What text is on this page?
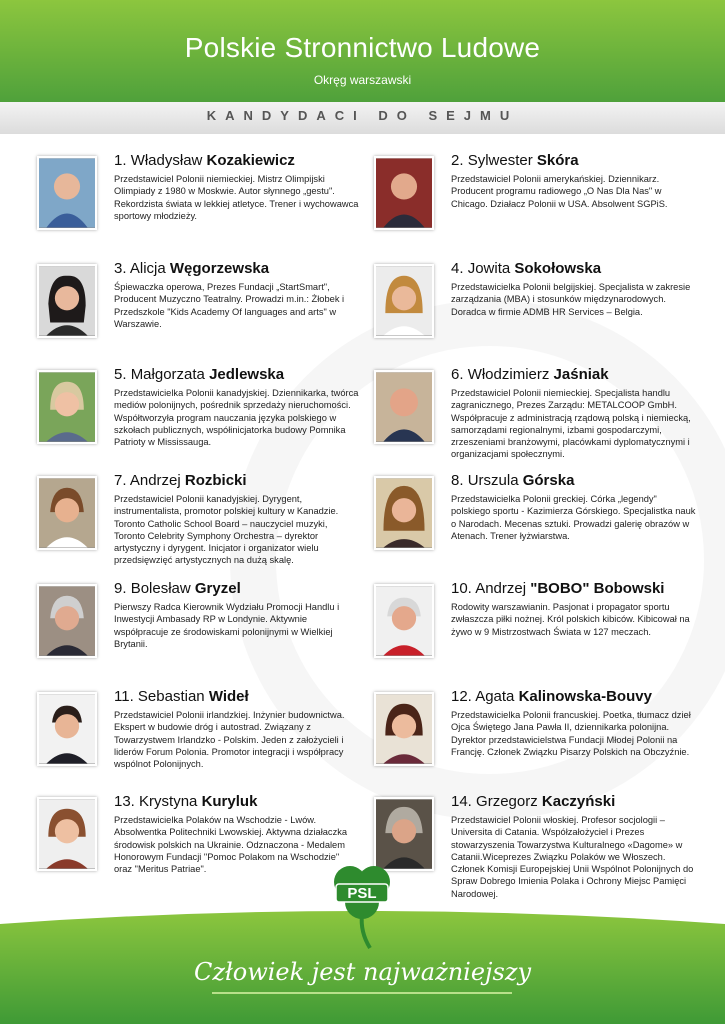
Polskie Stronnictwo Ludowe
Okręg warszawski
KANDYDACI DO SEJMU
1. Władysław Kozakiewicz
Przedstawiciel Polonii niemieckiej. Mistrz Olimpijski Olimpiady z 1980 w Moskwie. Autor słynnego „gestu". Rekordzista świata w lekkiej atletyce. Trener i wychowawca sportowy młodzieży.
2. Sylwester Skóra
Przedstawiciel Polonii amerykańskiej. Dziennikarz. Producent programu radiowego „O Nas Dla Nas" w Chicago. Działacz Polonii w USA. Absolwent SGPiS.
3. Alicja Węgorzewska
Śpiewaczka operowa, Prezes Fundacji „StartSmart", Producent Muzyczno Teatralny. Prowadzi m.in.: Żłobek i Przedszkole "Kids Academy Of languages and arts" w Warszawie.
4. Jowita Sokołowska
Przedstawicielka Polonii belgijskiej. Specjalista w zakresie zarządzania (MBA) i stosunków międzynarodowych. Doradca w firmie ADMB HR Services – Belgia.
5. Małgorzata Jedlewska
Przedstawicielka Polonii kanadyjskiej. Dziennikarka, twórca mediów polonijnych, pośrednik sprzedaży nieruchomości. Współtworzyła program nauczania języka polskiego w szkołach publicznych, współinicjatorka budowy Pomnika Patrioty w Mississauga.
6. Włodzimierz Jaśniak
Przedstawiciel Polonii niemieckiej. Specjalista handlu zagranicznego, Prezes Zarządu: METALCOOP GmbH. Współpracuje z administracją rządową polską i niemiecką, samorządami regionalnymi, izbami gospodarczymi, zrzeszeniami branżowymi, placówkami dyplomatycznymi i organizacjami społecznymi.
7. Andrzej Rozbicki
Przedstawiciel Polonii kanadyjskiej. Dyrygent, instrumentalista, promotor polskiej kultury w Kanadzie. Toronto Catholic School Board – nauczyciel muzyki, Toronto Celebrity Symphony Orchestra – dyrektor artystyczny i dyrygent. Inicjator i organizator wielu przedsięwzięć artystycznych na dużą skalę.
8. Urszula Górska
Przedstawicielka Polonii greckiej. Córka „legendy" polskiego sportu - Kazimierza Górskiego. Specjalistka nauk o Narodach. Mecenas sztuki. Prowadzi galerię obrazów w Atenach. Trener łyżwiarstwa.
9. Bolesław Gryzel
Pierwszy Radca Kierownik Wydziału Promocji Handlu i Inwestycji Ambasady RP w Londynie. Aktywnie współpracuje ze środowiskami polonijnymi w Wielkiej Brytanii.
10. Andrzej "BOBO" Bobowski
Rodowity warszawianin. Pasjonat i propagator sportu zwłaszcza piłki nożnej. Król polskich kibiców. Kibicował na żywo w 9 Mistrzostwach Świata w 127 meczach.
11. Sebastian Wideł
Przedstawiciel Polonii irlandzkiej. Inżynier budownictwa. Ekspert w budowie dróg i autostrad. Związany z Towarzystwem Irlandzko - Polskim. Jeden z założycieli i liderów Forum Polonia. Promotor integracji i współpracy wspólnot Polonijnych.
12. Agata Kalinowska-Bouvy
Przedstawicielka Polonii francuskiej. Poetka, tłumacz dzieł Ojca Świętego Jana Pawła II, dziennikarka polonijna. Dyrektor przedstawicielstwa Fundacji Młodej Polonii na Francję. Członek Związku Pisarzy Polskich na Obczyźnie.
13. Krystyna Kuryluk
Przedstawicielka Polaków na Wschodzie - Lwów. Absolwentka Politechniki Lwowskiej. Aktywna działaczka środowisk polskich na Ukrainie. Odznaczona - Medalem Honorowym Fundacji "Pomoc Polakom na Wschodzie" oraz "Meritus Patriae".
14. Grzegorz Kaczyński
Przedstawiciel Polonii włoskiej. Profesor socjologii – Universita di Catania. Współzałożyciel i Prezes stowarzyszenia Towarzystwa Kulturalnego «Dagome» w Catanii.Wiceprezes Związku Polaków we Włoszech. Członek Komisji Europejskiej Unii Wspólnot Polonijnych do Spraw Dobrego Imienia Polaka i Ochrony Miejsc Pamięci Narodowej.
PSL
Człowiek jest najważniejszy
